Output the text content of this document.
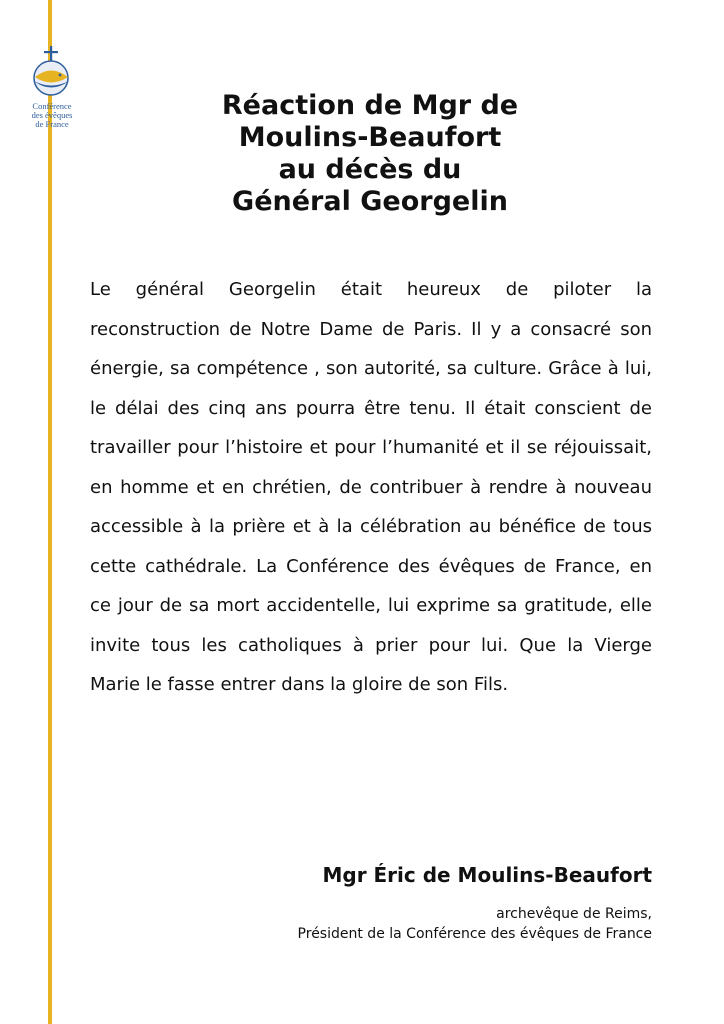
Conférence
des évêques
de France
Réaction de Mgr de
Moulins-Beaufort
au décès du
Général Georgelin

Le général Georgelin était heureux de piloter la reconstruction de Notre Dame de Paris. Il y a consacré son énergie, sa compétence , son autorité, sa culture. Grâce à lui, le délai des cinq ans pourra être tenu. Il était conscient de travailler pour l’histoire et pour l’humanité et il se réjouissait, en homme et en chrétien, de contribuer à rendre à nouveau accessible à la prière et à la célébration au bénéfice de tous cette cathédrale. La Conférence des évêques de France, en ce jour de sa mort accidentelle, lui exprime sa gratitude, elle invite tous les catholiques à prier pour lui. Que la Vierge Marie le fasse entrer dans la gloire de son Fils.

Mgr Éric de Moulins-Beaufort
archevêque de Reims,
Président de la Conférence des évêques de France
